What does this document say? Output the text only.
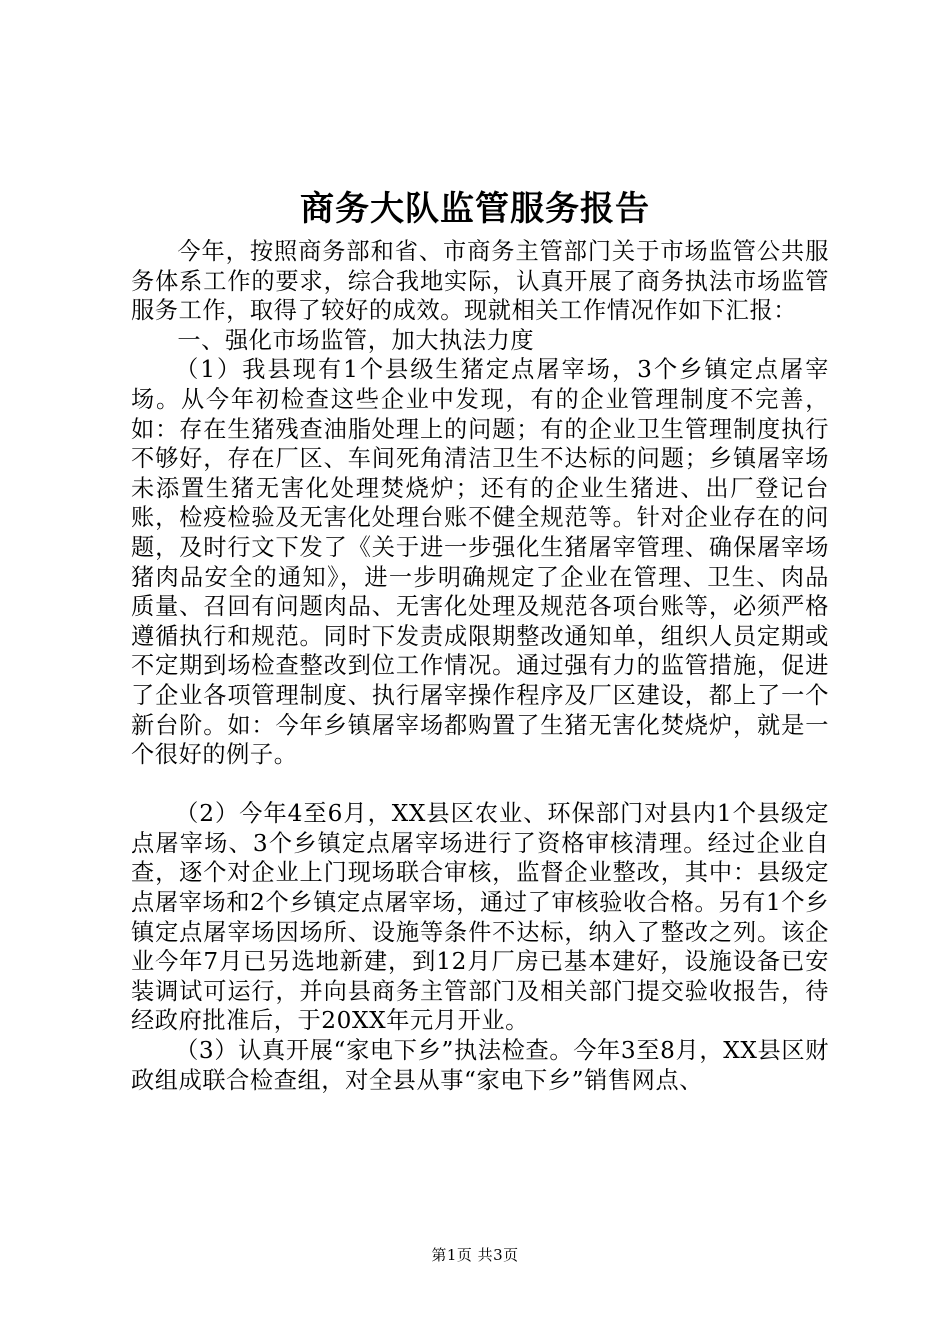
商务大队监管服务报告

今年，按照商务部和省、市商务主管部门关于市场监管公共服务体系工作的要求，综合我地实际，认真开展了商务执法市场监管服务工作，取得了较好的成效。现就相关工作情况作如下汇报：

一、强化市场监管，加大执法力度

（1）我县现有1个县级生猪定点屠宰场，3个乡镇定点屠宰场。从今年初检查这些企业中发现，有的企业管理制度不完善，如：存在生猪残查油脂处理上的问题；有的企业卫生管理制度执行不够好，存在厂区、车间死角清洁卫生不达标的问题；乡镇屠宰场未添置生猪无害化处理焚烧炉；还有的企业生猪进、出厂登记台账，检疫检验及无害化处理台账不健全规范等。针对企业存在的问题，及时行文下发了《关于进一步强化生猪屠宰管理、确保屠宰场猪肉品安全的通知》，进一步明确规定了企业在管理、卫生、肉品质量、召回有问题肉品、无害化处理及规范各项台账等，必须严格遵循执行和规范。同时下发责成限期整改通知单，组织人员定期或不定期到场检查整改到位工作情况。通过强有力的监管措施，促进了企业各项管理制度、执行屠宰操作程序及厂区建设，都上了一个新台阶。如：今年乡镇屠宰场都购置了生猪无害化焚烧炉，就是一个很好的例子。

（2）今年4至6月，XX县区农业、环保部门对县内1个县级定点屠宰场、3个乡镇定点屠宰场进行了资格审核清理。经过企业自查，逐个对企业上门现场联合审核，监督企业整改，其中：县级定点屠宰场和2个乡镇定点屠宰场，通过了审核验收合格。另有1个乡镇定点屠宰场因场所、设施等条件不达标，纳入了整改之列。该企业今年7月已另选地新建，到12月厂房已基本建好，设施设备已安装调试可运行，并向县商务主管部门及相关部门提交验收报告，待经政府批准后，于20XX年元月开业。

（3）认真开展“家电下乡”执法检查。今年3至8月，XX县区财政组成联合检查组，对全县从事“家电下乡”销售网点、

第1页 共3页
